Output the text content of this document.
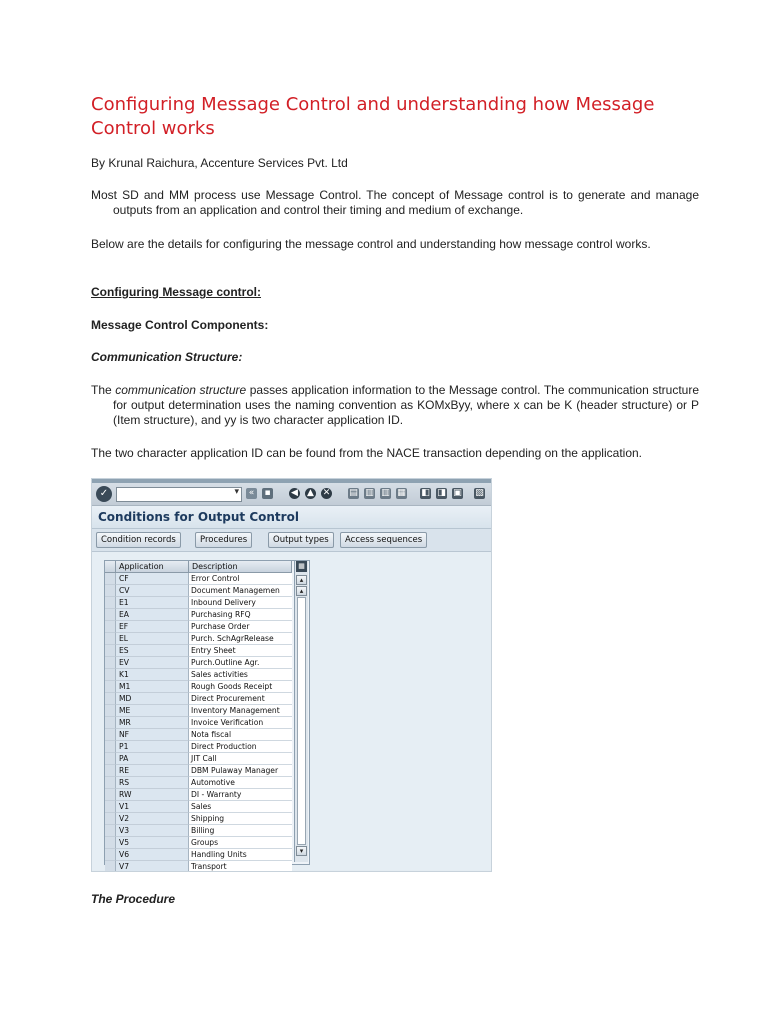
Configuring Message Control and understanding how Message Control works
By Krunal Raichura, Accenture Services Pvt. Ltd
Most SD and MM process use Message Control. The concept of Message control is to generate and manage outputs from an application and control their timing and medium of exchange.
Below are the details for configuring the message control and understanding how message control works.
Configuring Message control:
Message Control Components:
Communication Structure:
The communication structure passes application information to the Message control. The communication structure for output determination uses the naming convention as KOMxByy, where x can be K (header structure) or P (Item structure), and yy is two character application ID.
The two character application ID can be found from the NACE transaction depending on the application.
✓	▾	«	▪ ◀ ▲ ✕ ▤ ▥ ▥ ▦ ◧ ◨ ▣ ▧
Conditions for Output Control
Condition records	Procedures	Output types	Access sequences
Application	Description
CF	Error Control
CV	Document Managemen
E1	Inbound Delivery
EA	Purchasing RFQ
EF	Purchase Order
EL	Purch. SchAgrRelease
ES	Entry Sheet
EV	Purch.Outline Agr.
K1	Sales activities
M1	Rough Goods Receipt
MD	Direct Procurement
ME	Inventory Management
MR	Invoice Verification
NF	Nota fiscal
P1	Direct Production
PA	JIT Call
RE	DBM Pulaway Manager
RS	Automotive
RW	DI - Warranty
V1	Sales
V2	Shipping
V3	Billing
V5	Groups
V6	Handling Units
V7	Transport
▦
▴
▴
▾
The Procedure
